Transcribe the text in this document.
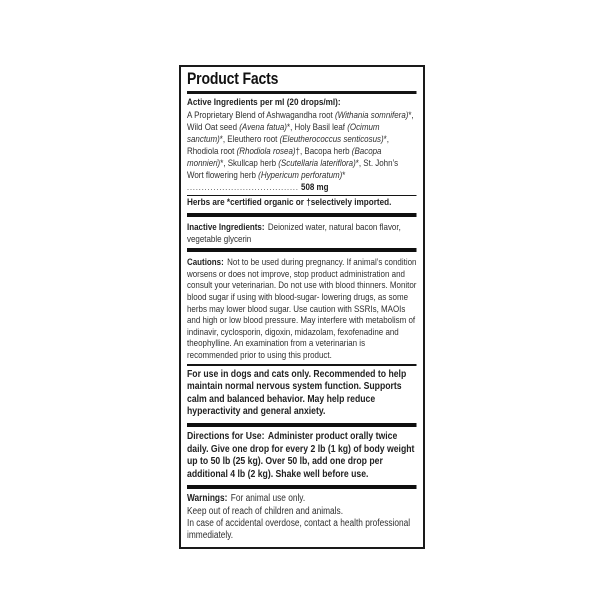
Product Facts

Active Ingredients per ml (20 drops/ml):

A Proprietary Blend of Ashwagandha root (Withania somnifera)*, Wild Oat seed (Avena fatua)*, Holy Basil leaf (Ocimum sanctum)*, Eleuthero root (Eleutherococcus senticosus)*, Rhodiola root (Rhodiola rosea)†, Bacopa herb (Bacopa monnieri)*, Skullcap herb (Scutellaria lateriflora)*, St. John’s Wort flowering herb (Hypericum perforatum)* ...................................... 508 mg

Herbs are *certified organic or †selectively imported.

Inactive Ingredients: Deionized water, natural bacon flavor, vegetable glycerin

Cautions: Not to be used during pregnancy. If animal’s condition worsens or does not improve, stop product administration and consult your veterinarian. Do not use with blood thinners. Monitor blood sugar if using with blood-sugar- lowering drugs, as some herbs may lower blood sugar. Use caution with SSRIs, MAOIs and high or low blood pressure. May interfere with metabolism of indinavir, cyclosporin, digoxin, midazolam, fexofenadine and theophylline. An examination from a veterinarian is recommended prior to using this product.

For use in dogs and cats only. Recommended to help maintain normal nervous system function. Supports calm and balanced behavior. May help reduce hyperactivity and general anxiety.

Directions for Use: Administer product orally twice daily. Give one drop for every 2 lb (1 kg) of body weight up to 50 lb (25 kg). Over 50 lb, add one drop per additional 4 lb (2 kg). Shake well before use.

Warnings: For animal use only.

Keep out of reach of children and animals.

In case of accidental overdose, contact a health professional immediately.
